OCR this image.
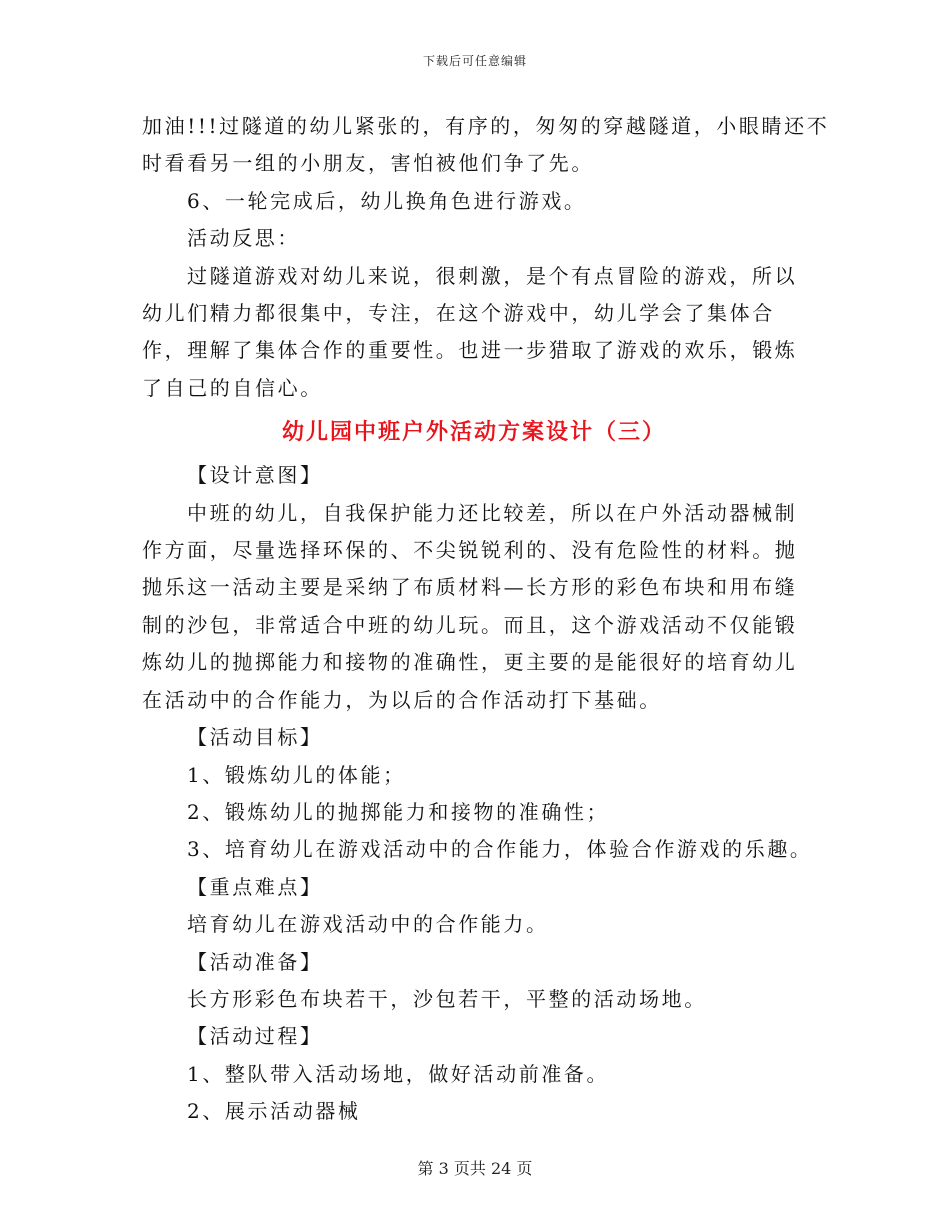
下载后可任意编辑
加油!!!过隧道的幼儿紧张的，有序的，匆匆的穿越隧道，小眼睛还不
时看看另一组的小朋友，害怕被他们争了先。
6、一轮完成后，幼儿换角色进行游戏。
活动反思：

过隧道游戏对幼儿来说，很刺激，是个有点冒险的游戏，所以幼儿们精力都很集中，专注，在这个游戏中，幼儿学会了集体合作，理解了集体合作的重要性。也进一步猎取了游戏的欢乐，锻炼了自己的自信心。

幼儿园中班户外活动方案设计（三）
【设计意图】

中班的幼儿，自我保护能力还比较差，所以在户外活动器械制作方面，尽量选择环保的、不尖锐锐利的、没有危险性的材料。抛抛乐这一活动主要是采纳了布质材料—长方形的彩色布块和用布缝制的沙包，非常适合中班的幼儿玩。而且，这个游戏活动不仅能锻炼幼儿的抛掷能力和接物的准确性，更主要的是能很好的培育幼儿在活动中的合作能力，为以后的合作活动打下基础。

【活动目标】
1、锻炼幼儿的体能；
2、锻炼幼儿的抛掷能力和接物的准确性；
3、培育幼儿在游戏活动中的合作能力，体验合作游戏的乐趣。
【重点难点】
培育幼儿在游戏活动中的合作能力。
【活动准备】
长方形彩色布块若干，沙包若干，平整的活动场地。
【活动过程】
1、整队带入活动场地，做好活动前准备。
2、展示活动器械
第 3 页共 24 页
